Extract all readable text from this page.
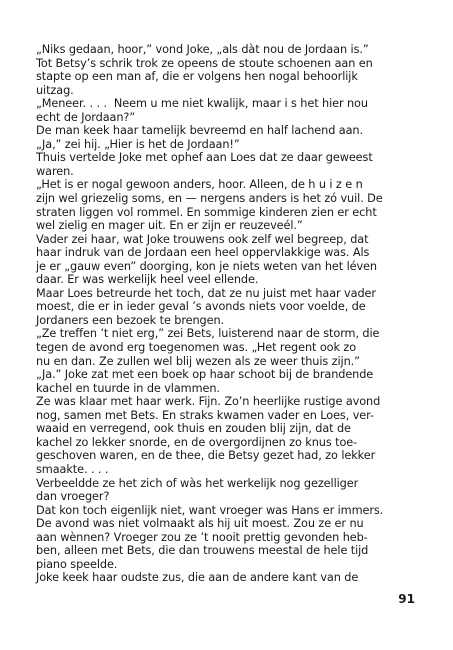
„Niks gedaan, hoor,” vond Joke, „als dàt nou de Jordaan is.”
Tot Betsy’s schrik trok ze opeens de stoute schoenen aan en
stapte op een man af, die er volgens hen nogal behoorlijk
uitzag.
„Meneer. . . .  Neem u me niet kwalijk, maar i s het hier nou
echt de Jordaan?”
De man keek haar tamelijk bevreemd en half lachend aan.
„Ja,” zei hij. „Hier is het de Jordaan!”
Thuis vertelde Joke met ophef aan Loes dat ze daar geweest
waren.
„Het is er nogal gewoon anders, hoor. Alleen, de h u i z e n
zijn wel griezelig soms, en — nergens anders is het zó vuil. De
straten liggen vol rommel. En sommige kinderen zien er echt
wel zielig en mager uit. En er zijn er reuzeveél.”
Vader zei haar, wat Joke trouwens ook zelf wel begreep, dat
haar indruk van de Jordaan een heel oppervlakkige was. Als
je er „gauw even” doorging, kon je niets weten van het léven
daar. Er was werkelijk heel veel ellende.
Maar Loes betreurde het toch, dat ze nu juist met haar vader
moest, die er in ieder geval ’s avonds niets voor voelde, de
Jordaners een bezoek te brengen.
„Ze treffen ’t niet erg,” zei Bets, luisterend naar de storm, die
tegen de avond erg toegenomen was. „Het regent ook zo
nu en dan. Ze zullen wel blij wezen als ze weer thuis zijn.”
„Ja.” Joke zat met een boek op haar schoot bij de brandende
kachel en tuurde in de vlammen.
Ze was klaar met haar werk. Fijn. Zo’n heerlijke rustige avond
nog, samen met Bets. En straks kwamen vader en Loes, ver-
waaid en verregend, ook thuis en zouden blij zijn, dat de
kachel zo lekker snorde, en de overgordijnen zo knus toe-
geschoven waren, en de thee, die Betsy gezet had, zo lekker
smaakte. . . .
Verbeeldde ze het zich of wàs het werkelijk nog gezelliger
dan vroeger?
Dat kon toch eigenlijk niet, want vroeger was Hans er immers.
De avond was niet volmaakt als hij uit moest. Zou ze er nu
aan wènnen? Vroeger zou ze ’t nooit prettig gevonden heb-
ben, alleen met Bets, die dan trouwens meestal de hele tijd
piano speelde.
Joke keek haar oudste zus, die aan de andere kant van de
91
